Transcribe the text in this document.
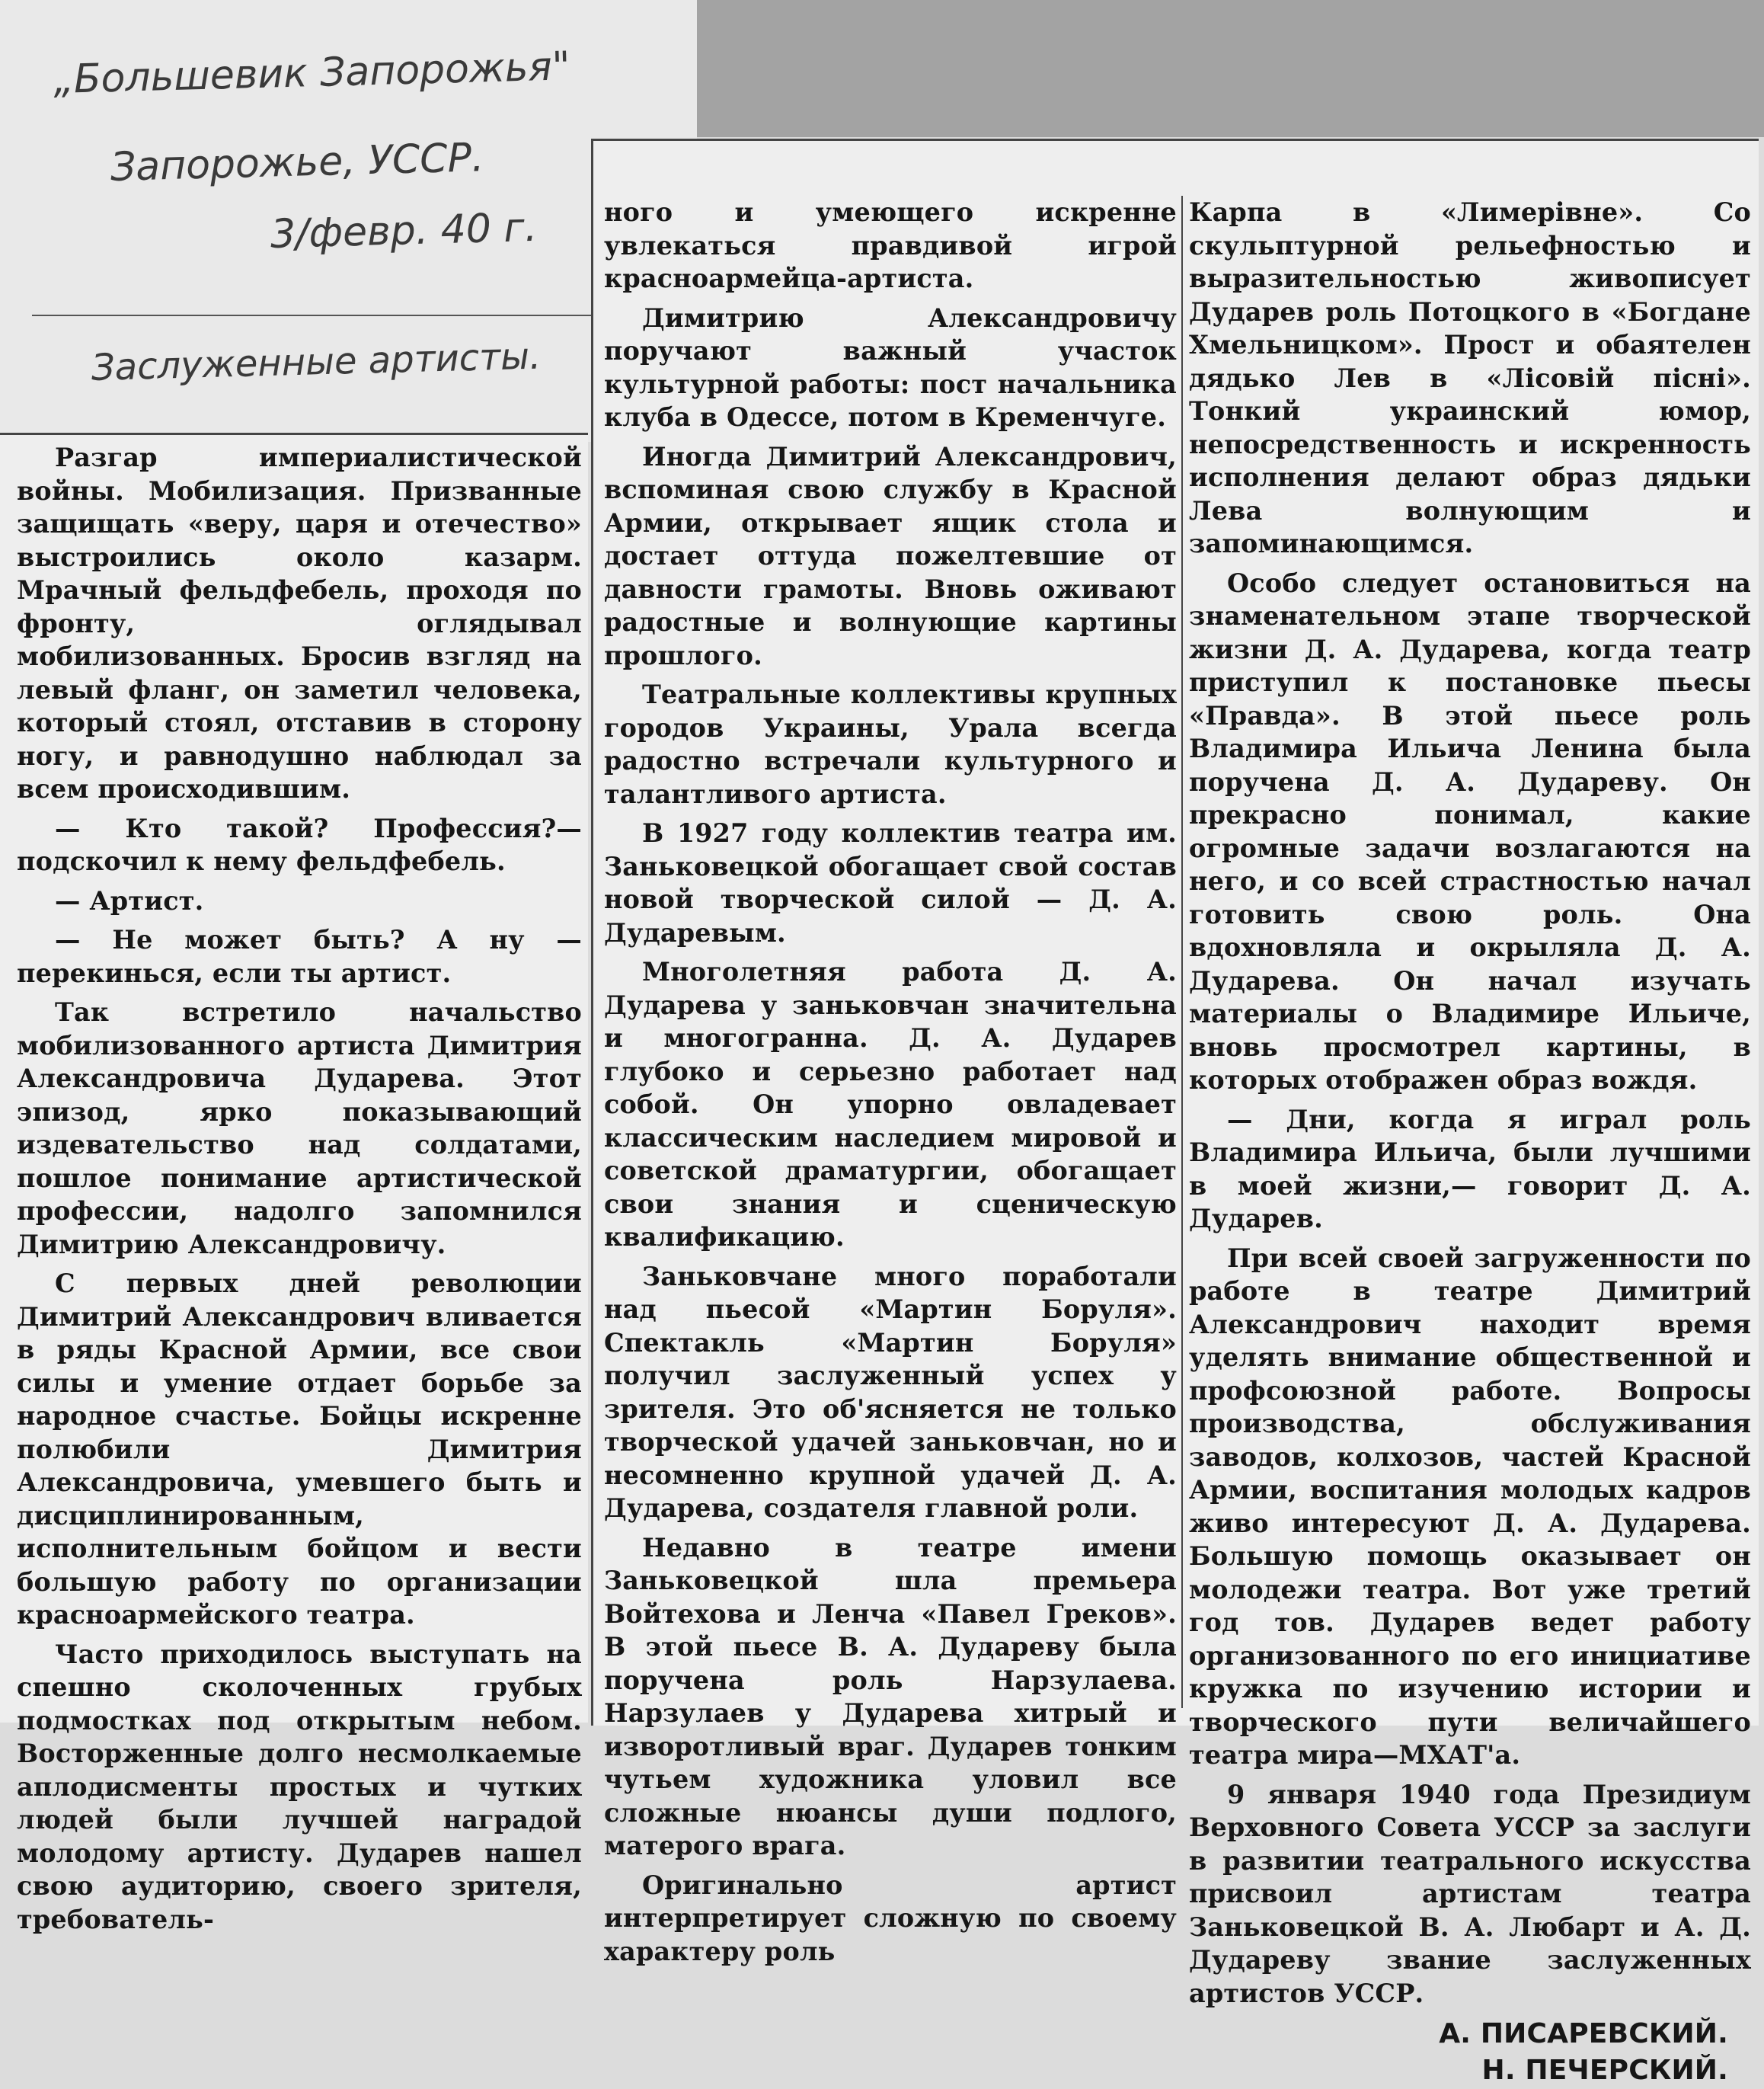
„Большевик Запорожья"
Запорожье, УССР.
3/февр. 40 г.
Заслуженные артисты.

Разгар империалистической войны. Мобилизация. Призванные защищать «веру, царя и отечество» выстроились около казарм. Мрачный фельдфебель, проходя по фронту, оглядывал мобилизованных. Бросив взгляд на левый фланг, он заметил человека, который стоял, отставив в сторону ногу, и равнодушно наблюдал за всем происходившим.

— Кто такой? Профессия?— подскочил к нему фельдфебель.

— Артист.

— Не может быть? А ну — перекинься, если ты артист.

Так встретило начальство мобилизованного артиста Димитрия Александровича Дударева. Этот эпизод, ярко показывающий издевательство над солдатами, пошлое понимание артистической профессии, надолго запомнился Димитрию Александровичу.

С первых дней революции Димитрий Александрович вливается в ряды Красной Армии, все свои силы и умение отдает борьбе за народное счастье. Бойцы искренне полюбили Димитрия Александровича, умевшего быть и дисциплинированным, исполнительным бойцом и вести большую работу по организации красноармейского театра.

Часто приходилось выступать на спешно сколоченных грубых подмостках под открытым небом. Восторженные долго несмолкаемые аплодисменты простых и чутких людей были лучшей наградой молодому артисту. Дударев нашел свою аудиторию, своего зрителя, требователь-

ного и умеющего искренне увлекаться правдивой игрой красноармейца-артиста.

Димитрию Александровичу поручают важный участок культурной работы: пост начальника клуба в Одессе, потом в Кременчуге.

Иногда Димитрий Александрович, вспоминая свою службу в Красной Армии, открывает ящик стола и достает оттуда пожелтевшие от давности грамоты. Вновь оживают радостные и волнующие картины прошлого.

Театральные коллективы крупных городов Украины, Урала всегда радостно встречали культурного и талантливого артиста.

В 1927 году коллектив театра им. Заньковецкой обогащает свой состав новой творческой силой — Д. А. Дударевым.

Многолетняя работа Д. А. Дударева у заньковчан значительна и многогранна. Д. А. Дударев глубоко и серьезно работает над собой. Он упорно овладевает классическим наследием мировой и советской драматургии, обогащает свои знания и сценическую квалификацию.

Заньковчане много поработали над пьесой «Мартин Боруля». Спектакль «Мартин Боруля» получил заслуженный успех у зрителя. Это об'ясняется не только творческой удачей заньковчан, но и несомненно крупной удачей Д. А. Дударева, создателя главной роли.

Недавно в театре имени Заньковецкой шла премьера Войтехова и Ленча «Павел Греков». В этой пьесе В. А. Дудареву была поручена роль Нарзулаева. Нарзулаев у Дударева хитрый и изворотливый враг. Дударев тонким чутьем художника уловил все сложные нюансы души подлого, матерого врага.

Оригинально артист интерпретирует сложную по своему характеру роль

Карпа в «Лимерівне». Со скульптурной рельефностью и выразительностью живописует Дударев роль Потоцкого в «Богдане Хмельницком». Прост и обаятелен дядько Лев в «Лісовій пісні». Тонкий украинский юмор, непосредственность и искренность исполнения делают образ дядьки Лева волнующим и запоминающимся.

Особо следует остановиться на знаменательном этапе творческой жизни Д. А. Дударева, когда театр приступил к постановке пьесы «Правда». В этой пьесе роль Владимира Ильича Ленина была поручена Д. А. Дудареву. Он прекрасно понимал, какие огромные задачи возлагаются на него, и со всей страстностью начал готовить свою роль. Она вдохновляла и окрыляла Д. А. Дударева. Он начал изучать материалы о Владимире Ильиче, вновь просмотрел картины, в которых отображен образ вождя.

— Дни, когда я играл роль Владимира Ильича, были лучшими в моей жизни,— говорит Д. А. Дударев.

При всей своей загруженности по работе в театре Димитрий Александрович находит время уделять внимание общественной и профсоюзной работе. Вопросы производства, обслуживания заводов, колхозов, частей Красной Армии, воспитания молодых кадров живо интересуют Д. А. Дударева. Большую помощь оказывает он молодежи театра. Вот уже третий год тов. Дударев ведет работу организованного по его инициативе кружка по изучению истории и творческого пути величайшего театра мира—МХАТ'а.

9 января 1940 года Президиум Верховного Совета УССР за заслуги в развитии театрального искусства присвоил артистам театра Заньковецкой В. А. Любарт и А. Д. Дудареву звание заслуженных артистов УССР.

А. ПИСАРЕВСКИЙ.
Н. ПЕЧЕРСКИЙ.
